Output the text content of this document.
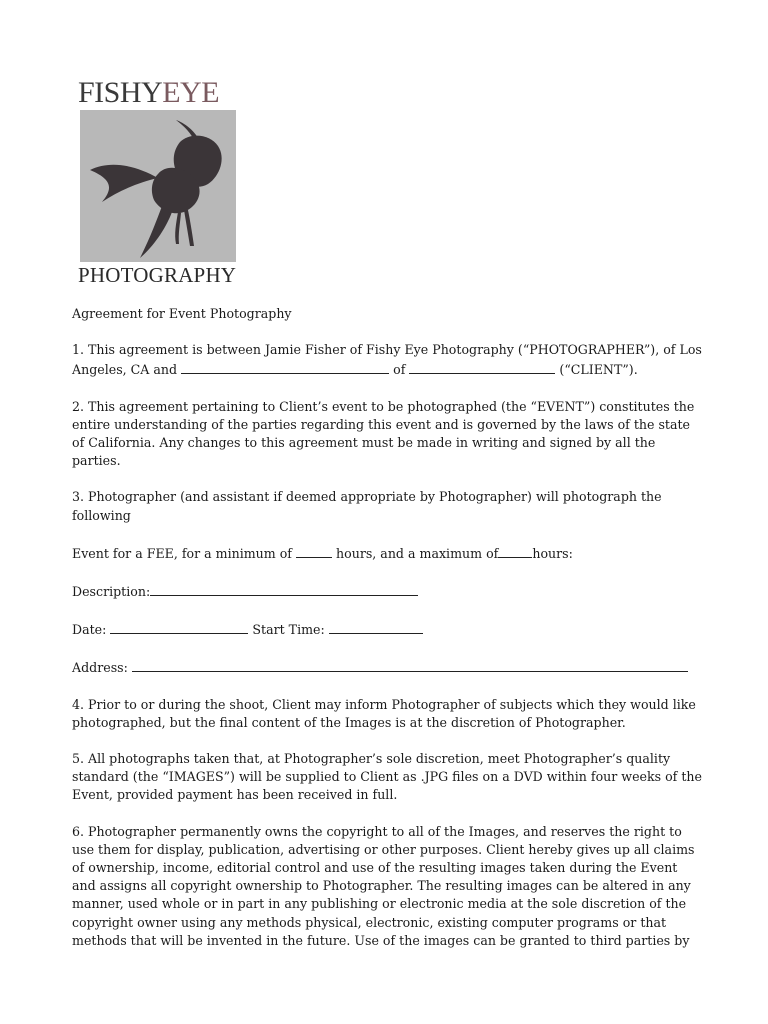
FISHYEYE
PHOTOGRAPHY

Agreement for Event Photography

1. This agreement is between Jamie Fisher of Fishy Eye Photography (“PHOTOGRAPHER”), of Los Angeles, CA and	of	(“CLIENT”).

2. This agreement pertaining to Client’s event to be photographed (the “EVENT”) constitutes the entire understanding of the parties regarding this event and is governed by the laws of the state of California. Any changes to this agreement must be made in writing and signed by all the parties.

3. Photographer (and assistant if deemed appropriate by Photographer) will photograph the following

Event for a FEE, for a minimum of	hours, and a maximum of	hours:

Description:

Date:	Start Time:

Address:

4. Prior to or during the shoot, Client may inform Photographer of subjects which they would like photographed, but the final content of the Images is at the discretion of Photographer.

5. All photographs taken that, at Photographer’s sole discretion, meet Photographer’s quality standard (the “IMAGES”) will be supplied to Client as .JPG files on a DVD within four weeks of the Event, provided payment has been received in full.

6. Photographer permanently owns the copyright to all of the Images, and reserves the right to use them for display, publication, advertising or other purposes. Client hereby gives up all claims of ownership, income, editorial control and use of the resulting images taken during the Event and assigns all copyright ownership to Photographer. The resulting images can be altered in any manner, used whole or in part in any publishing or electronic media at the sole discretion of the copyright owner using any methods physical, electronic, existing computer programs or that methods that will be invented in the future. Use of the images can be granted to third parties by
